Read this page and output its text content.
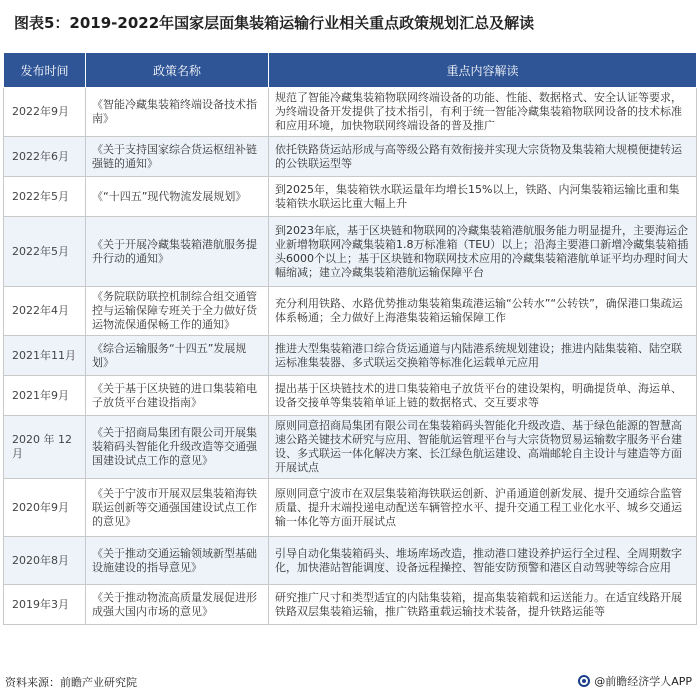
图表5：2019-2022年国家层面集装箱运输行业相关重点政策规划汇总及解读
发布时间	政策名称	重点内容解读
2022年9月	《智能冷藏集装箱终端设备技术指南》	规范了智能冷藏集装箱物联网终端设备的功能、性能、数据格式、安全认证等要求，为终端设备开发提供了技术指引，有利于统一智能冷藏集装箱物联网设备的技术标准和应用环境，加快物联网终端设备的普及推广
2022年6月	《关于支持国家综合货运枢纽补链强链的通知》	依托铁路货运站形成与高等级公路有效衔接并实现大宗货物及集装箱大规模便捷转运的公铁联运型等
2022年5月	《“十四五”现代物流发展规划》	到2025年，集装箱铁水联运量年均增长15%以上，铁路、内河集装箱运输比重和集装箱铁水联运比重大幅上升
2022年5月	《关于开展冷藏集装箱港航服务提升行动的通知》	到2023年底，基于区块链和物联网的冷藏集装箱港航服务能力明显提升，主要海运企业新增物联网冷藏集装箱1.8万标准箱（TEU）以上；沿海主要港口新增冷藏集装箱插头6000个以上；基于区块链和物联网技术应用的冷藏集装箱港航单证平均办理时间大幅缩减；建立冷藏集装箱港航运输保障平台
2022年4月	《务院联防联控机制综合组交通管控与运输保障专班关于全力做好货运物流保通保畅工作的通知》	充分利用铁路、水路优势推动集装箱集疏港运输“公转水”“公转铁”，确保港口集疏运体系畅通；全力做好上海港集装箱运输保障工作
2021年11月	《综合运输服务“十四五”发展规划》	推进大型集装箱港口综合货运通道与内陆港系统规划建设；推进内陆集装箱、陆空联运标准集装器、多式联运交换箱等标准化运载单元应用
2021年9月	《关于基于区块链的进口集装箱电子放货平台建设指南》	提出基于区块链技术的进口集装箱电子放货平台的建设架构，明确提货单、海运单、设备交接单等集装箱单证上链的数据格式、交互要求等
2020 年 12 月	《关于招商局集团有限公司开展集装箱码头智能化升级改造等交通强国建设试点工作的意见》	原则同意招商局集团有限公司在集装箱码头智能化升级改造、基于绿色能源的智慧高速公路关键技术研究与应用、智能航运管理平台与大宗货物贸易运输数字服务平台建设、多式联运一体化解决方案、长江绿色航运建设、高端邮轮自主设计与建造等方面开展试点
2020年9月	《关于宁波市开展双层集装箱海铁联运创新等交通强国建设试点工作的意见》	原则同意宁波市在双层集装箱海铁联运创新、沪甬通道创新发展、提升交通综合监管质量、提升末端投递电动配送车辆管控水平、提升交通工程工业化水平、城乡交通运输一体化等方面开展试点
2020年8月	《关于推动交通运输领域新型基础设施建设的指导意见》	引导自动化集装箱码头、堆场库场改造，推动港口建设养护运行全过程、全周期数字化，加快港站智能调度、设备远程操控、智能安防预警和港区自动驾驶等综合应用
2019年3月	《关于推动物流高质量发展促进形成强大国内市场的意见》	研究推广尺寸和类型适宜的内陆集装箱，提高集装箱载和运送能力。在适宜线路开展铁路双层集装箱运输，推广铁路重载运输技术装备，提升铁路运能等
资料来源：前瞻产业研究院	@前瞻经济学人APP
